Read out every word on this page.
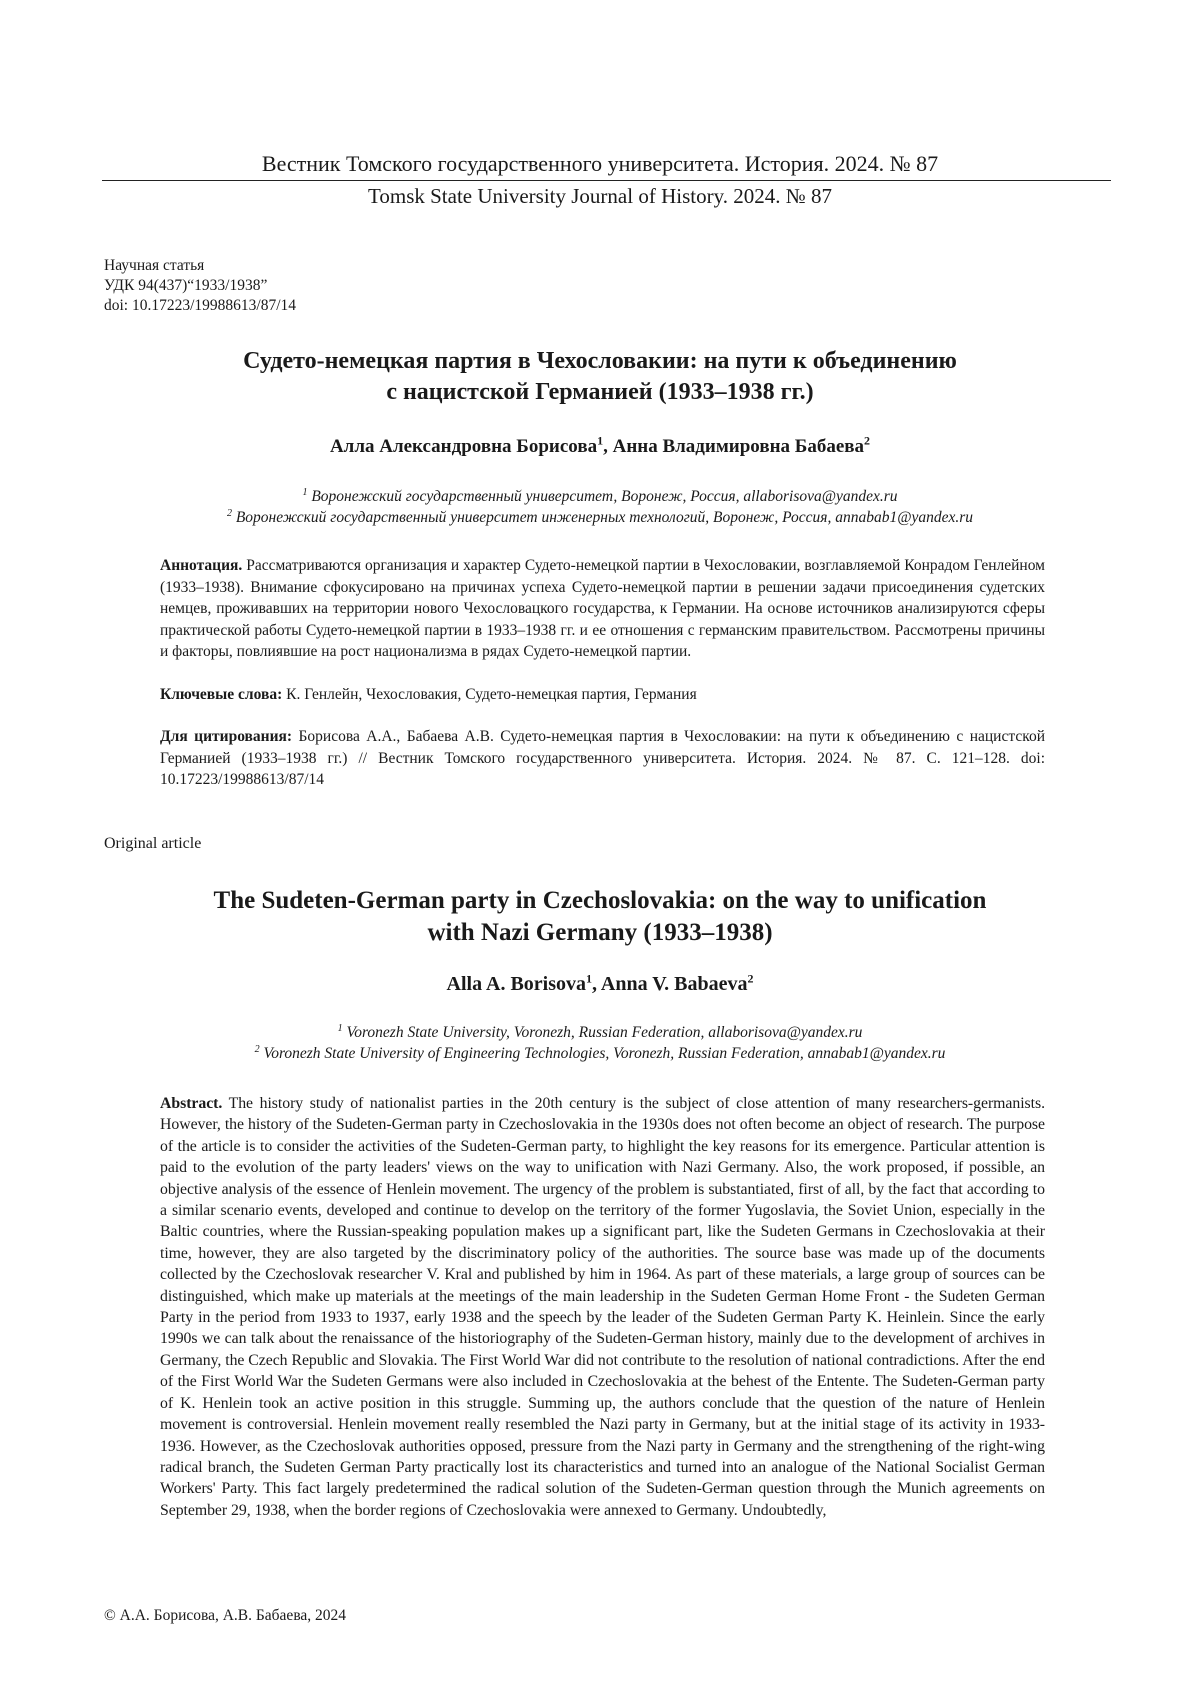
Вестник Томского государственного университета. История. 2024. № 87
Tomsk State University Journal of History. 2024. № 87
Научная статья
УДК 94(437)“1933/1938”
doi: 10.17223/19988613/87/14
Судето-немецкая партия в Чехословакии: на пути к объединению
с нацистской Германией (1933–1938 гг.)
Алла Александровна Борисова$^1$, Анна Владимировна Бабаева$^2$
$^1$ Воронежский государственный университет, Воронеж, Россия, allaborisova@yandex.ru
$^2$ Воронежский государственный университет инженерных технологий, Воронеж, Россия, annabab1@yandex.ru
Аннотация. Рассматриваются организация и характер Судето-немецкой партии в Чехословакии, возглавляемой Конрадом Генлейном (1933–1938). Внимание сфокусировано на причинах успеха Судето-немецкой партии в решении задачи присоединения судетских немцев, проживавших на территории нового Чехословацкого государства, к Германии. На основе источников анализируются сферы практической работы Судето-немецкой партии в 1933–1938 гг. и ее отношения с германским правительством. Рассмотрены причины и факторы, повлиявшие на рост национализма в рядах Судето-немецкой партии.
Ключевые слова: К. Генлейн, Чехословакия, Судето-немецкая партия, Германия
Для цитирования: Борисова А.А., Бабаева А.В. Судето-немецкая партия в Чехословакии: на пути к объединению с нацистской Германией (1933–1938 гг.) // Вестник Томского государственного университета. История. 2024. № 87. С. 121–128. doi: 10.17223/19988613/87/14
Original article
The Sudeten-German party in Czechoslovakia: on the way to unification
with Nazi Germany (1933–1938)
Alla A. Borisova$^1$, Anna V. Babaeva$^2$
$^1$ Voronezh State University, Voronezh, Russian Federation, allaborisova@yandex.ru
$^2$ Voronezh State University of Engineering Technologies, Voronezh, Russian Federation, annabab1@yandex.ru
Abstract. The history study of nationalist parties in the 20th century is the subject of close attention of many researchers-germanists. However, the history of the Sudeten-German party in Czechoslovakia in the 1930s does not often become an object of research. The purpose of the article is to consider the activities of the Sudeten-German party, to highlight the key reasons for its emergence. Particular attention is paid to the evolution of the party leaders' views on the way to unification with Nazi Germany. Also, the work proposed, if possible, an objective analysis of the essence of Henlein movement. The urgency of the problem is substantiated, first of all, by the fact that according to a similar scenario events, developed and continue to develop on the territory of the former Yugoslavia, the Soviet Union, especially in the Baltic countries, where the Russian-speaking population makes up a significant part, like the Sudeten Germans in Czechoslovakia at their time, however, they are also targeted by the discriminatory policy of the authorities. The source base was made up of the documents collected by the Czechoslovak researcher V. Kral and published by him in 1964. As part of these materials, a large group of sources can be distinguished, which make up materials at the meetings of the main leadership in the Sudeten German Home Front - the Sudeten German Party in the period from 1933 to 1937, early 1938 and the speech by the leader of the Sudeten German Party K. Heinlein. Since the early 1990s we can talk about the renaissance of the historiography of the Sudeten-German history, mainly due to the development of archives in Germany, the Czech Republic and Slovakia. The First World War did not contribute to the resolution of national contradictions. After the end of the First World War the Sudeten Germans were also included in Czechoslovakia at the behest of the Entente. The Sudeten-German party of K. Henlein took an active position in this struggle. Summing up, the authors conclude that the question of the nature of Henlein movement is controversial. Henlein movement really resembled the Nazi party in Germany, but at the initial stage of its activity in 1933-1936. However, as the Czechoslovak authorities opposed, pressure from the Nazi party in Germany and the strengthening of the right-wing radical branch, the Sudeten German Party practically lost its characteristics and turned into an analogue of the National Socialist German Workers' Party. This fact largely predetermined the radical solution of the Sudeten-German question through the Munich agreements on September 29, 1938, when the border regions of Czechoslovakia were annexed to Germany. Undoubtedly,
© А.А. Борисова, А.В. Бабаева, 2024
